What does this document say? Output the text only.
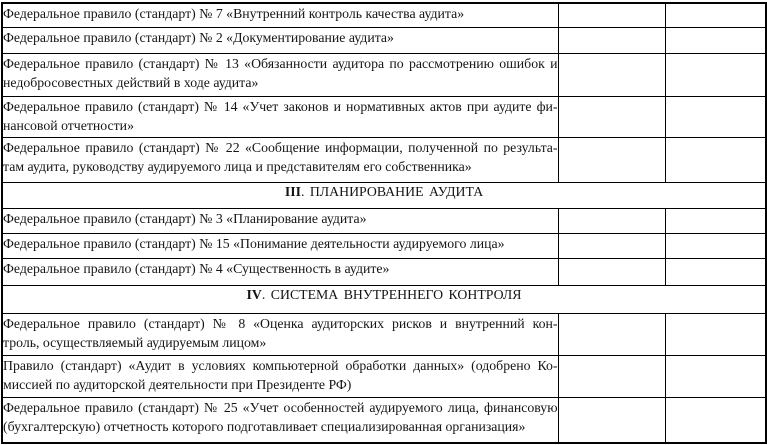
Федеральное правило (стандарт) № 7 «Внутренний контроль качества аудита»		

Федеральное правило (стандарт) № 2 «Документирование аудита»		

Федеральное правило (стандарт) № 13 «Обязанности аудитора по рассмотрению ошибок и
недобросовестных действий в ходе аудита»		

Федеральное правило (стандарт) № 14 «Учет законов и нормативных актов при аудите фи-
нансовой отчетности»		

Федеральное правило (стандарт) № 22 «Сообщение информации, полученной по результа-
там аудита, руководству аудируемого лица и представителям его собственника»		

III. ПЛАНИРОВАНИЕ АУДИТА		

Федеральное правило (стандарт) № 3 «Планирование аудита»		

Федеральное правило (стандарт) № 15 «Понимание деятельности аудируемого лица»		

Федеральное правило (стандарт) № 4 «Существенность в аудите»		

IV. СИСТЕМА ВНУТРЕННЕГО КОНТРОЛЯ		

Федеральное правило (стандарт) № 8 «Оценка аудиторских рисков и внутренний кон-
троль, осуществляемый аудируемым лицом»		

Правило (стандарт) «Аудит в условиях компьютерной обработки данных» (одобрено Ко-
миссией по аудиторской деятельности при Президенте РФ)		

Федеральное правило (стандарт) № 25 «Учет особенностей аудируемого лица, финансовую
(бухгалтерскую) отчетность которого подготавливает специализированная организация»		
